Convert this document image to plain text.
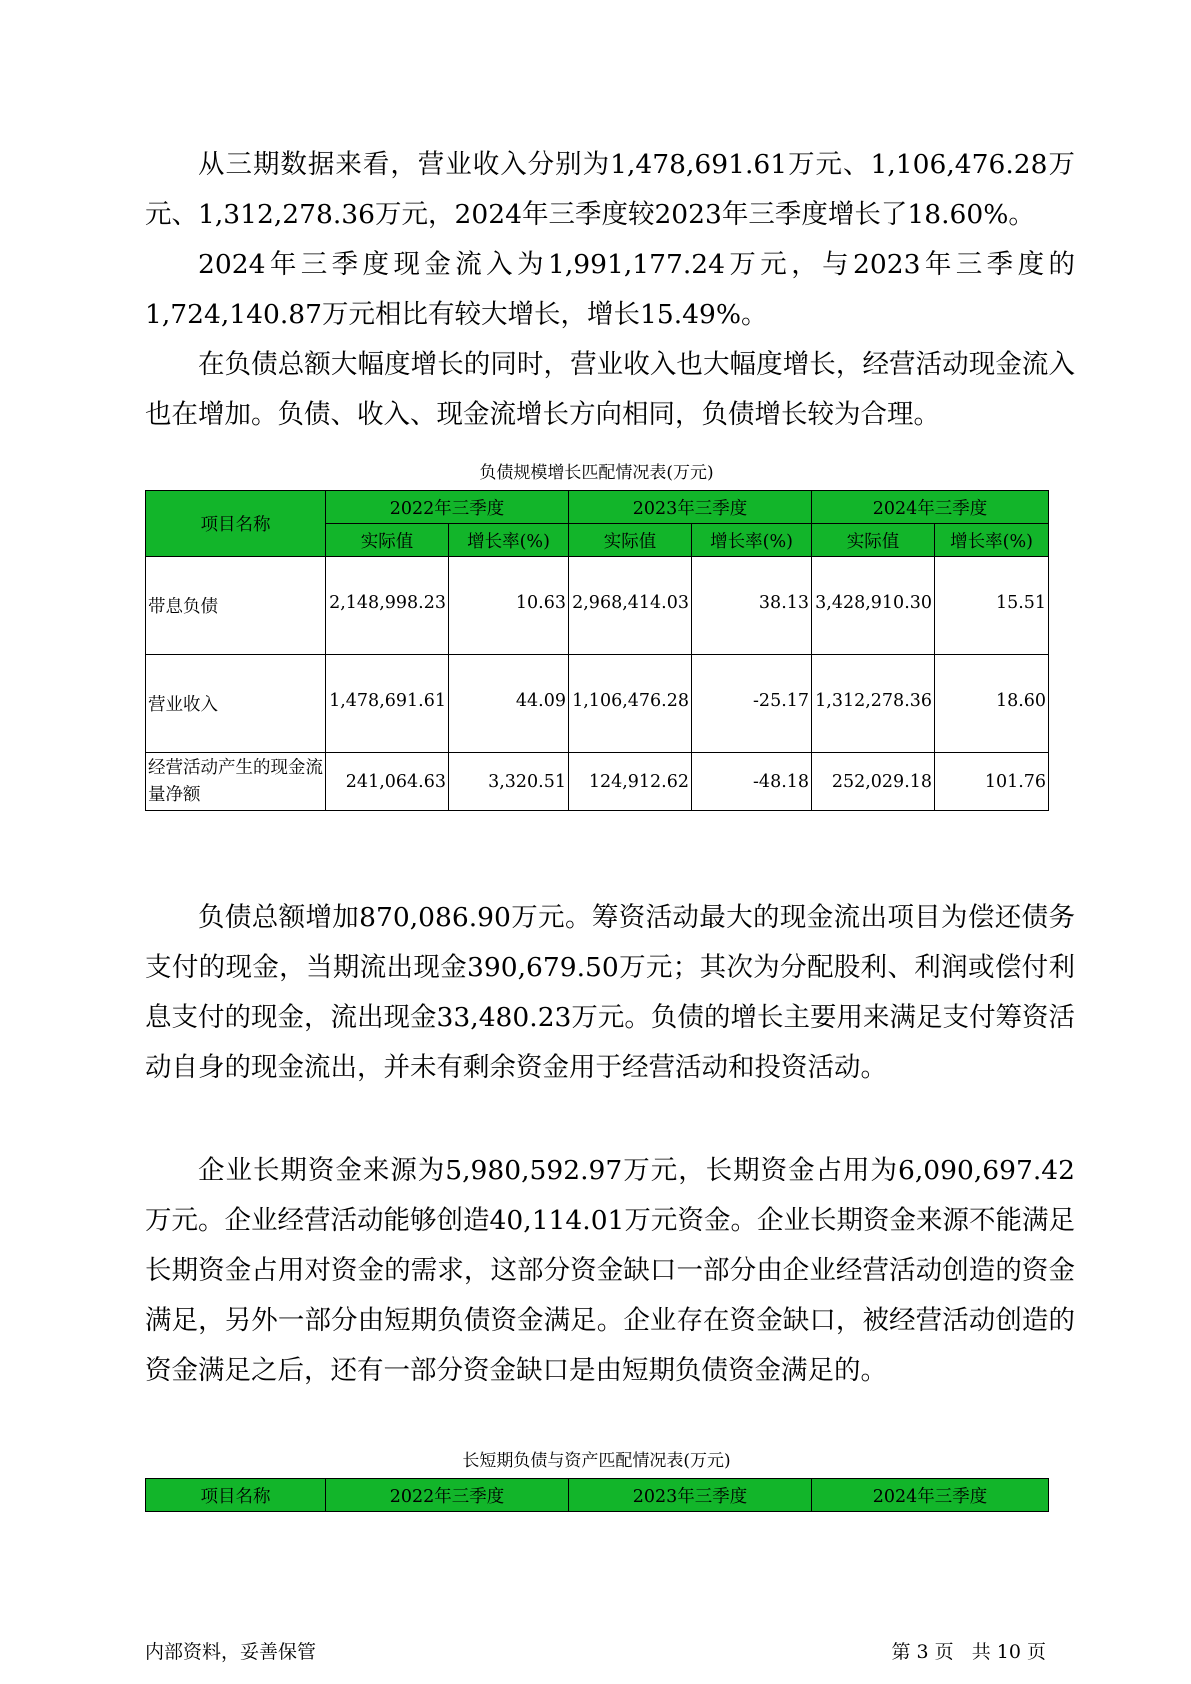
从三期数据来看，营业收入分别为1,478,691.61万元、1,106,476.28万元、1,312,278.36万元，2024年三季度较2023年三季度增长了18.60%。

2024年三季度现金流入为1,991,177.24万元，与2023年三季度的1,724,140.87万元相比有较大增长，增长15.49%。

在负债总额大幅度增长的同时，营业收入也大幅度增长，经营活动现金流入也在增加。负债、收入、现金流增长方向相同，负债增长较为合理。

负债规模增长匹配情况表(万元)
项目名称	2022年三季度		2023年三季度		2024年三季度	
	实际值	增长率(%)	实际值	增长率(%)	实际值	增长率(%)
带息负债	2,148,998.23	10.63	2,968,414.03	38.13	3,428,910.30	15.51
营业收入	1,478,691.61	44.09	1,106,476.28	-25.17	1,312,278.36	18.60
经营活动产生的现金流量净额	241,064.63	3,320.51	124,912.62	-48.18	252,029.18	101.76

负债总额增加870,086.90万元。筹资活动最大的现金流出项目为偿还债务支付的现金，当期流出现金390,679.50万元；其次为分配股利、利润或偿付利息支付的现金，流出现金33,480.23万元。负债的增长主要用来满足支付筹资活动自身的现金流出，并未有剩余资金用于经营活动和投资活动。

企业长期资金来源为5,980,592.97万元，长期资金占用为6,090,697.42万元。企业经营活动能够创造40,114.01万元资金。企业长期资金来源不能满足长期资金占用对资金的需求，这部分资金缺口一部分由企业经营活动创造的资金满足，另外一部分由短期负债资金满足。企业存在资金缺口，被经营活动创造的资金满足之后，还有一部分资金缺口是由短期负债资金满足的。

长短期负债与资产匹配情况表(万元)
项目名称	2022年三季度	2023年三季度	2024年三季度
内部资料，妥善保管	第 3 页   共 10 页
